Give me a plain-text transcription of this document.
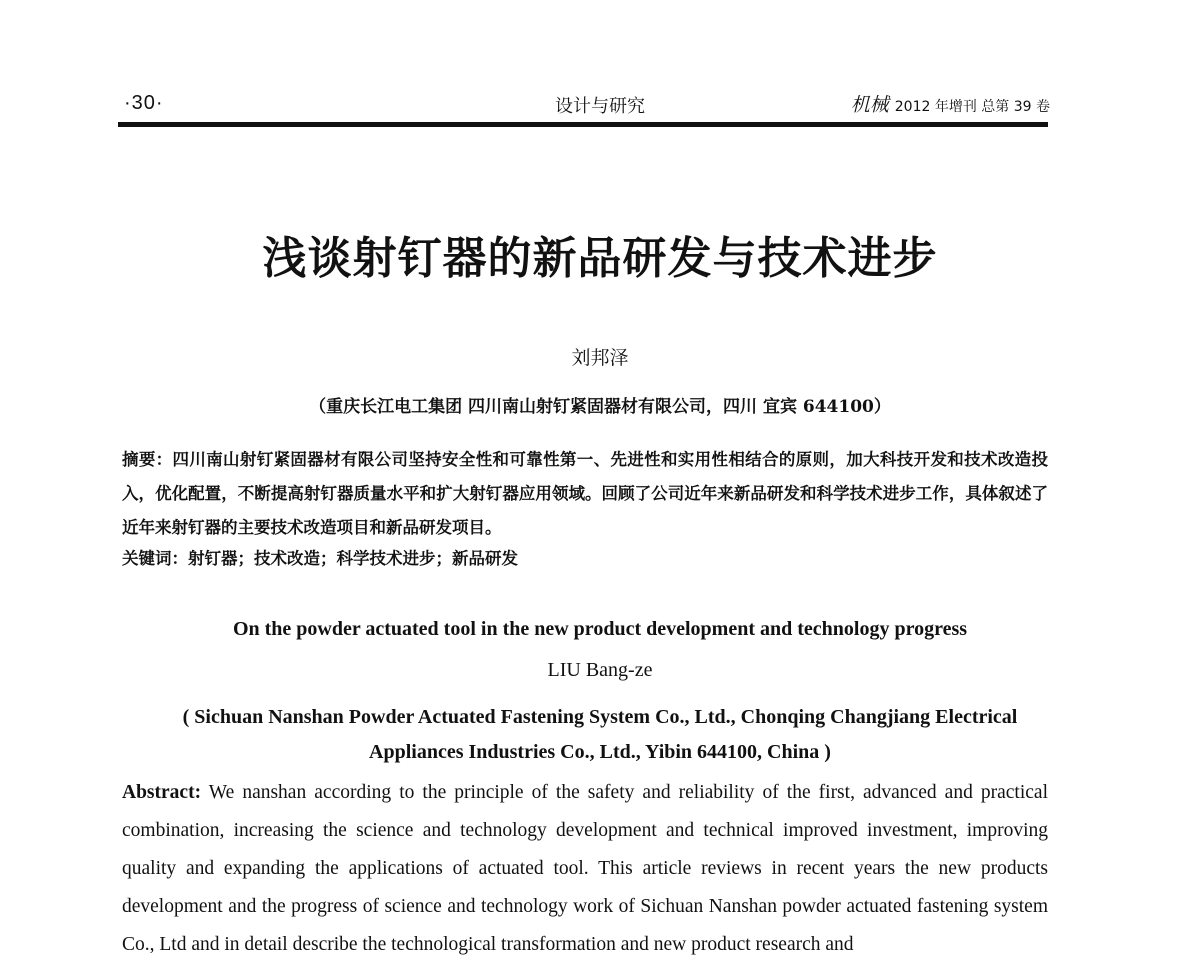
·30·	设计与研究	机械 2012 年增刊 总第 39 卷
浅谈射钉器的新品研发与技术进步
刘邦泽
（重庆长江电工集团 四川南山射钉紧固器材有限公司，四川 宜宾 644100）
摘要：四川南山射钉紧固器材有限公司坚持安全性和可靠性第一、先进性和实用性相结合的原则，加大科技开发和技术改造投入，优化配置，不断提高射钉器质量水平和扩大射钉器应用领域。回顾了公司近年来新品研发和科学技术进步工作，具体叙述了近年来射钉器的主要技术改造项目和新品研发项目。
关键词：射钉器；技术改造；科学技术进步；新品研发
On the powder actuated tool in the new product development and technology progress
LIU Bang-ze
( Sichuan Nanshan Powder Actuated Fastening System Co., Ltd., Chonqing Changjiang Electrical
Appliances Industries Co., Ltd., Yibin 644100, China )
Abstract: We nanshan according to the principle of the safety and reliability of the first, advanced and practical combination, increasing the science and technology development and technical improved investment, improving quality and expanding the applications of actuated tool. This article reviews in recent years the new products development and the progress of science and technology work of Sichuan Nanshan powder actuated fastening system Co., Ltd and in detail describe the technological transformation and new product research and
